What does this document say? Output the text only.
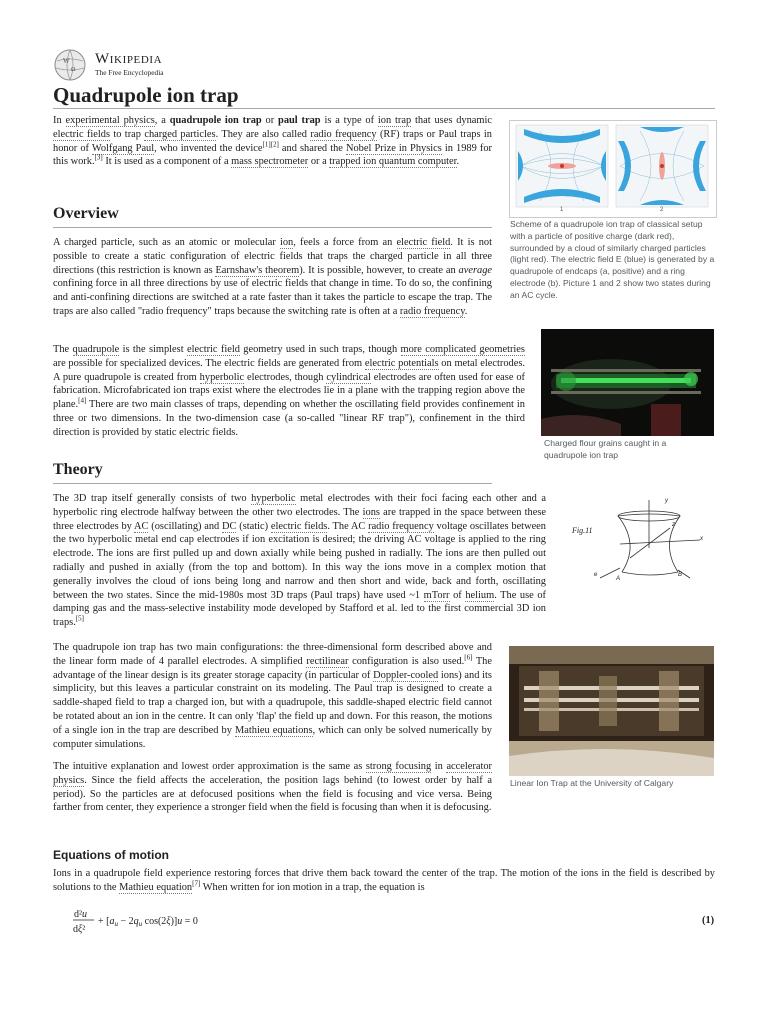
W
Ω
Wikipedia
The Free Encyclopedia
Quadrupole ion trap

In experimental physics, a quadrupole ion trap or paul trap is a type of ion trap that uses dynamic electric fields to trap charged particles. They are also called radio frequency (RF) traps or Paul traps in honor of Wolfgang Paul, who invented the device[1][2] and shared the Nobel Prize in Physics in 1989 for this work.[3] It is used as a component of a mass spectrometer or a trapped ion quantum computer.

1	2

Scheme of a quadrupole ion trap of classical setup with a particle of positive charge (dark red), surrounded by a cloud of similarly charged particles (light red). The electric field E (blue) is generated by a quadrupole of endcaps (a, positive) and a ring electrode (b). Picture 1 and 2 show two states during an AC cycle.

Overview

A charged particle, such as an atomic or molecular ion, feels a force from an electric field. It is not possible to create a static configuration of electric fields that traps the charged particle in all three directions (this restriction is known as Earnshaw's theorem). It is possible, however, to create an average confining force in all three directions by use of electric fields that change in time. To do so, the confining and anti-confining directions are switched at a rate faster than it takes the particle to escape the trap. The traps are also called "radio frequency" traps because the switching rate is often at a radio frequency.

Charged flour grains caught in a quadrupole ion trap

The quadrupole is the simplest electric field geometry used in such traps, though more complicated geometries are possible for specialized devices. The electric fields are generated from electric potentials on metal electrodes. A pure quadrupole is created from hyperbolic electrodes, though cylindrical electrodes are often used for ease of fabrication. Microfabricated ion traps exist where the electrodes lie in a plane with the trapping region above the plane.[4] There are two main classes of traps, depending on whether the oscillating field provides confinement in three or two dimensions. In the two-dimension case (a so-called "linear RF trap"), confinement in the third direction is provided by static electric fields.

Theory

The 3D trap itself generally consists of two hyperbolic metal electrodes with their foci facing each other and a hyperbolic ring electrode halfway between the other two electrodes. The ions are trapped in the space between these three electrodes by AC (oscillating) and DC (static) electric fields. The AC radio frequency voltage oscillates between the two hyperbolic metal end cap electrodes if ion excitation is desired; the driving AC voltage is applied to the ring electrode. The ions are first pulled up and down axially while being pushed in radially. The ions are then pulled out radially and pushed in axially (from the top and bottom). In this way the ions move in a complex motion that generally involves the cloud of ions being long and narrow and then short and wide, back and forth, oscillating between the two states. Since the mid-1980s most 3D traps (Paul traps) have used ~1 mTorr of helium. The use of damping gas and the mass-selective instability mode developed by Stafford et al. led to the first commercial 3D ion traps.[5]

Fig.11
y
x
z
e
A
B

The quadrupole ion trap has two main configurations: the three-dimensional form described above and the linear form made of 4 parallel electrodes. A simplified rectilinear configuration is also used.[6] The advantage of the linear design is its greater storage capacity (in particular of Doppler-cooled ions) and its simplicity, but this leaves a particular constraint on its modeling. The Paul trap is designed to create a saddle-shaped field to trap a charged ion, but with a quadrupole, this saddle-shaped electric field cannot be rotated about an ion in the centre. It can only 'flap' the field up and down. For this reason, the motions of a single ion in the trap are described by Mathieu equations, which can only be solved numerically by computer simulations.

Linear Ion Trap at the University of Calgary

The intuitive explanation and lowest order approximation is the same as strong focusing in accelerator physics. Since the field affects the acceleration, the position lags behind (to lowest order by half a period). So the particles are at defocused positions when the field is focusing and vice versa. Being farther from center, they experience a stronger field when the field is focusing than when it is defocusing.

Equations of motion

Ions in a quadrupole field experience restoring forces that drive them back toward the center of the trap. The motion of the ions in the field is described by solutions to the Mathieu equation[7] When written for ion motion in a trap, the equation is

d²u
dξ²
+ [$a_u - 2q_u$ cos(2ξ)]u = 0	(1)
